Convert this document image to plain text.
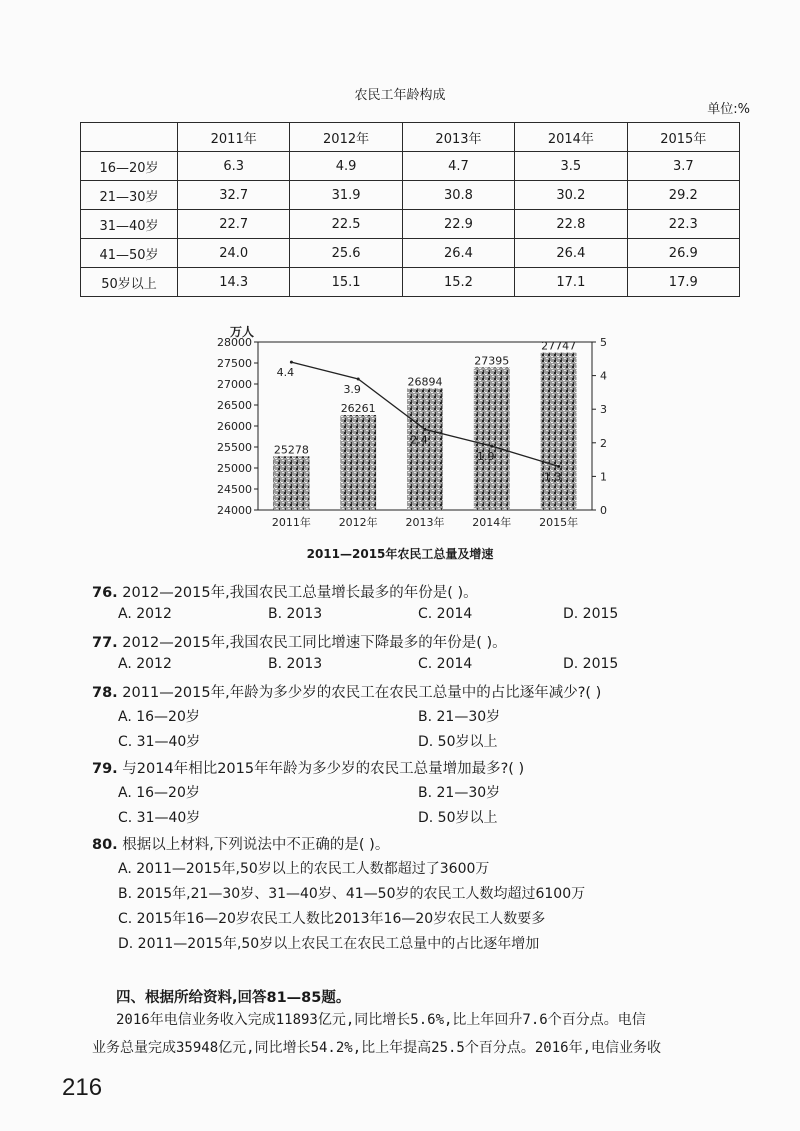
农民工年龄构成
单位:%
	2011年	2012年	2013年	2014年	2015年
16—20岁	6.3	4.9	4.7	3.5	3.7
21—30岁	32.7	31.9	30.8	30.2	29.2
31—40岁	22.7	22.5	22.9	22.8	22.3
41—50岁	24.0	25.6	26.4	26.4	26.9
50岁以上	14.3	15.1	15.2	17.1	17.9
28000
27500
27000
26500
26000
25500
25000
24500
24000
5
4
3
2
1
0
万人
25278
26261
26894
27395
27747
2011年	2012年	2013年	2014年	2015年
4.4
3.9
2.4
1.9
1.3
2011—2015年农民工总量及增速
76. 2012—2015年,我国农民工总量增长最多的年份是( )。
A. 2012	B. 2013	C. 2014	D. 2015
77. 2012—2015年,我国农民工同比增速下降最多的年份是( )。
A. 2012	B. 2013	C. 2014	D. 2015
78. 2011—2015年,年龄为多少岁的农民工在农民工总量中的占比逐年减少?( )
A. 16—20岁	B. 21—30岁
C. 31—40岁	D. 50岁以上
79. 与2014年相比2015年年龄为多少岁的农民工总量增加最多?( )
A. 16—20岁	B. 21—30岁
C. 31—40岁	D. 50岁以上
80. 根据以上材料,下列说法中不正确的是( )。
A. 2011—2015年,50岁以上的农民工人数都超过了3600万
B. 2015年,21—30岁、31—40岁、41—50岁的农民工人数均超过6100万
C. 2015年16—20岁农民工人数比2013年16—20岁农民工人数要多
D. 2011—2015年,50岁以上农民工在农民工总量中的占比逐年增加
四、根据所给资料,回答81—85题。
2016年电信业务收入完成11893亿元,同比增长5.6%,比上年回升7.6个百分点。电信
业务总量完成35948亿元,同比增长54.2%,比上年提高25.5个百分点。2016年,电信业务收
216
